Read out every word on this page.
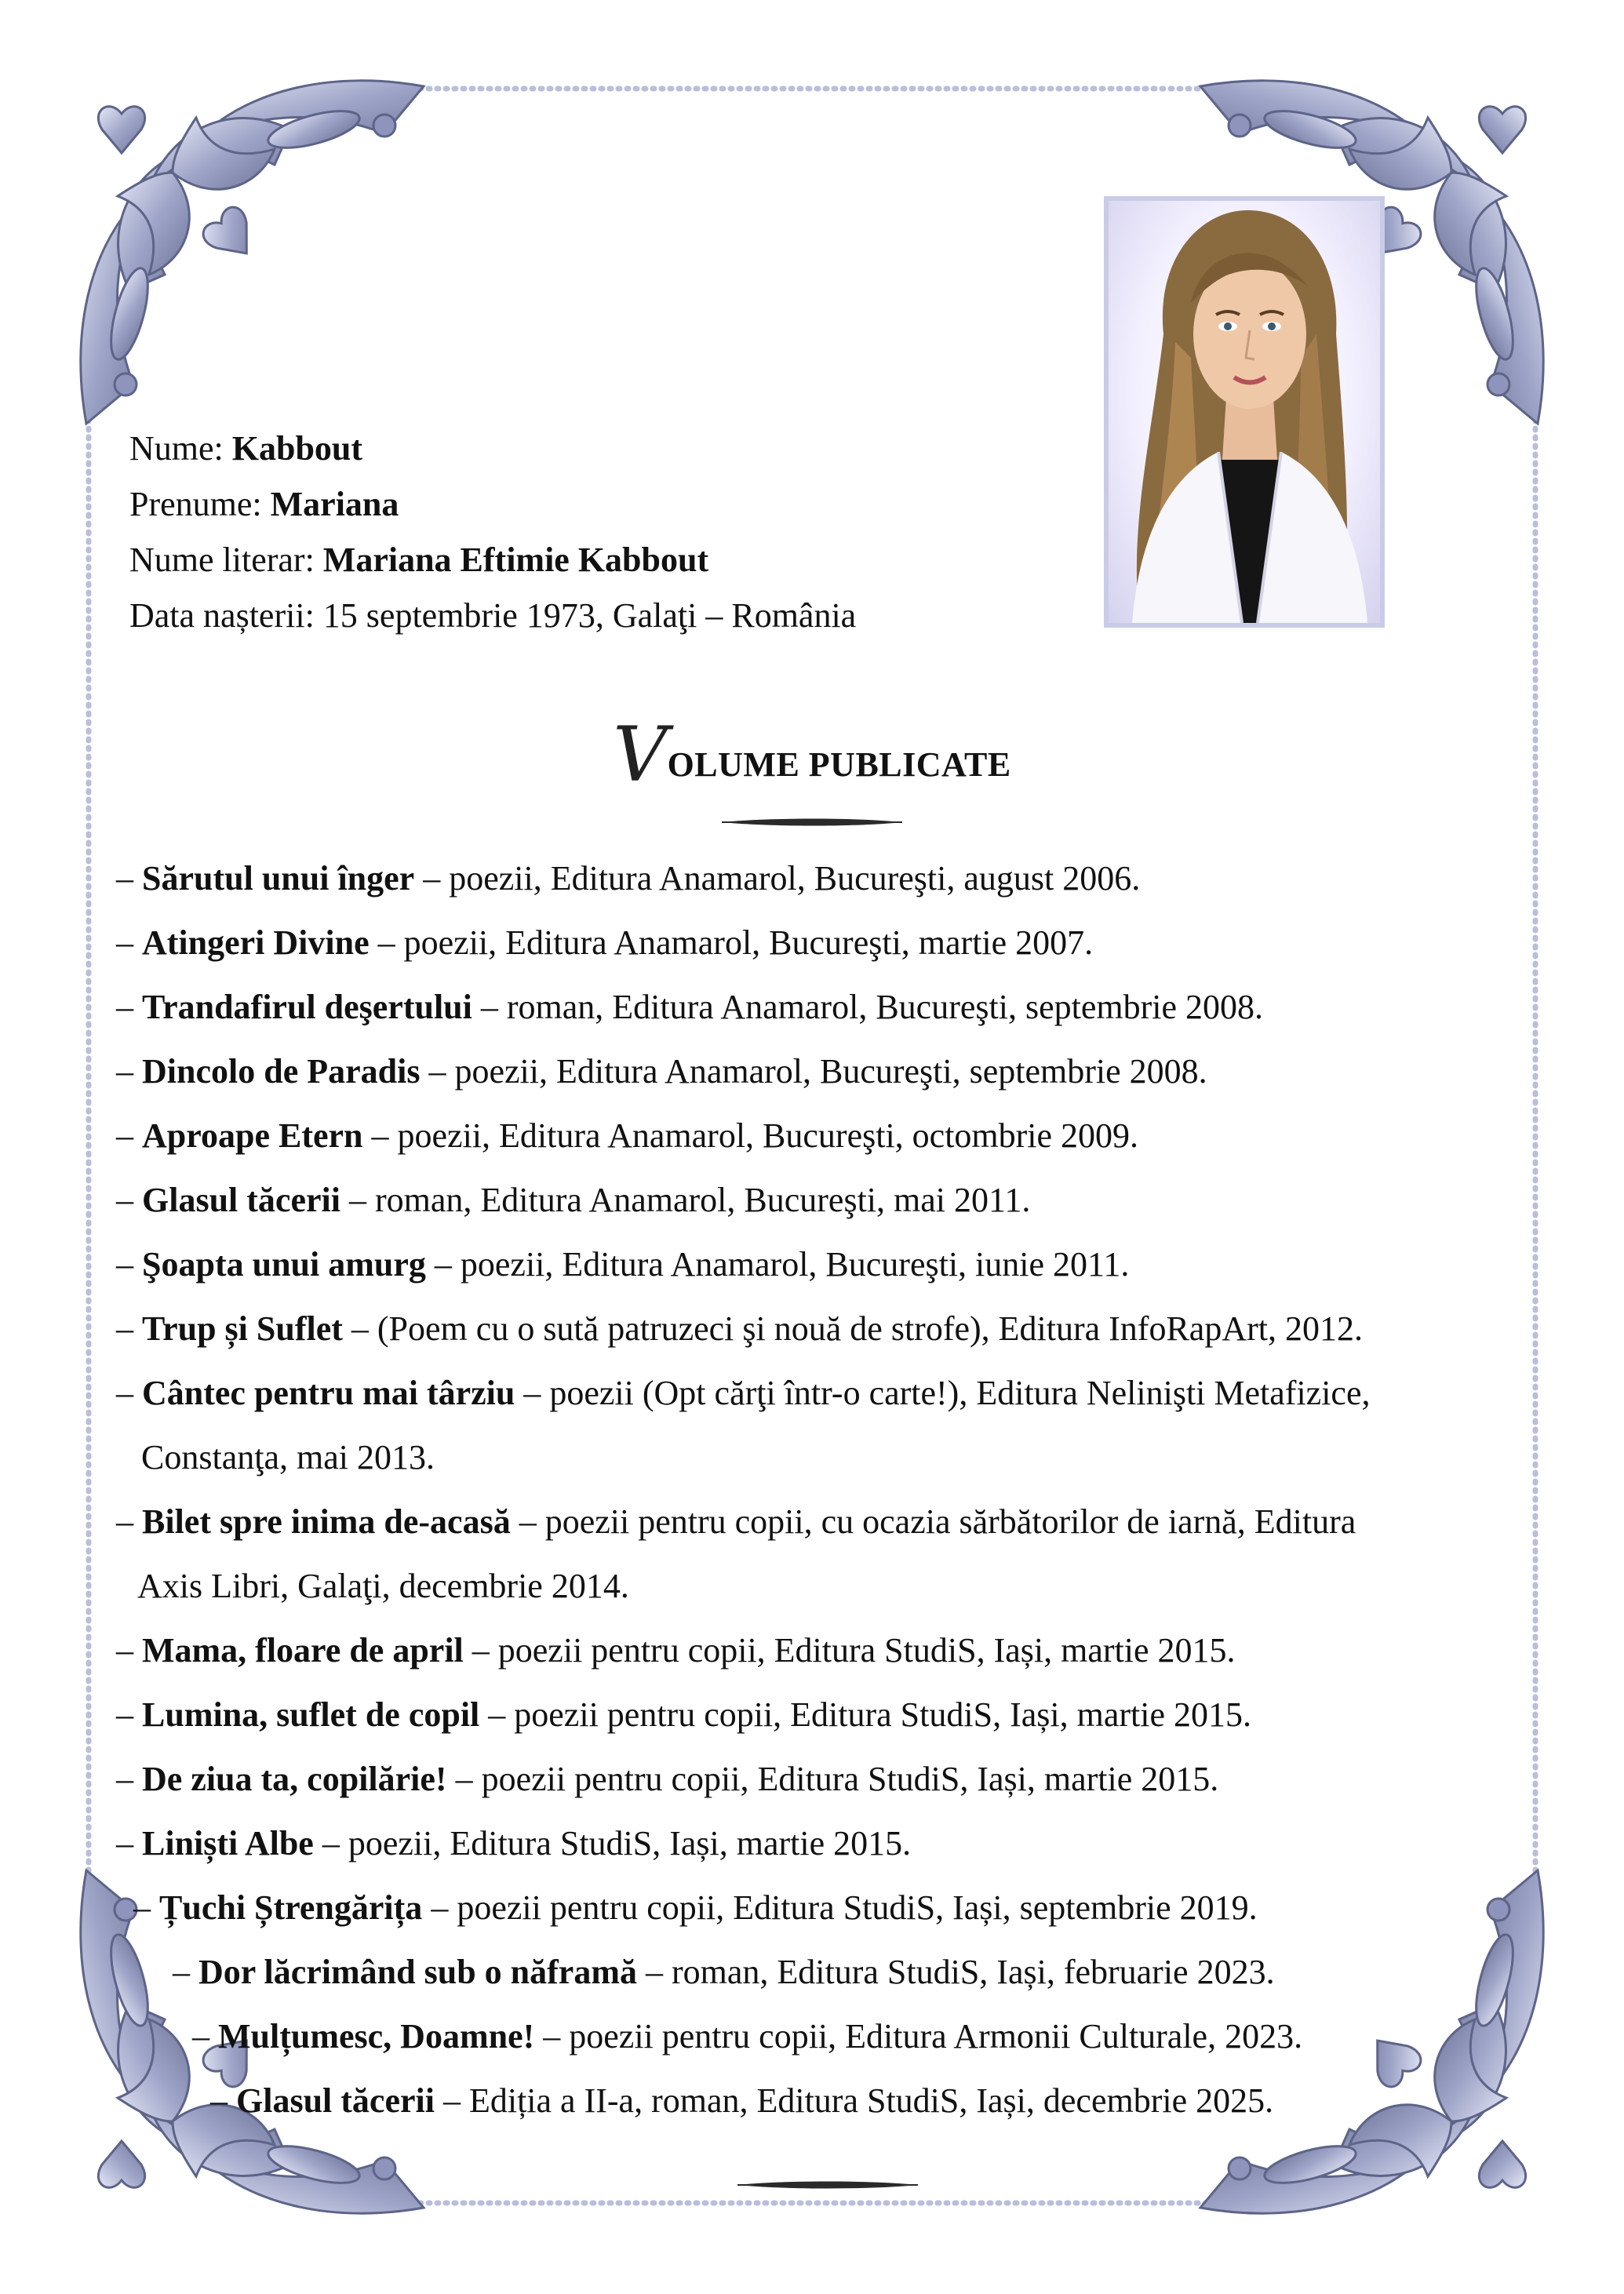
Nume: Kabbout
Prenume: Mariana
Nume literar: Mariana Eftimie Kabbout
Data nașterii: 15 septembrie 1973, Galaţi – România
VOLUME PUBLICATE
– Sărutul unui înger – poezii, Editura Anamarol, Bucureşti, august 2006.
– Atingeri Divine – poezii, Editura Anamarol, Bucureşti, martie 2007.
– Trandafirul deşertului – roman, Editura Anamarol, Bucureşti, septembrie 2008.
– Dincolo de Paradis – poezii, Editura Anamarol, Bucureşti, septembrie 2008.
– Aproape Etern – poezii, Editura Anamarol, Bucureşti, octombrie 2009.
– Glasul tăcerii – roman, Editura Anamarol, Bucureşti, mai 2011.
– Şoapta unui amurg – poezii, Editura Anamarol, Bucureşti, iunie 2011.
– Trup și Suflet – (Poem cu o sută patruzeci şi nouă de strofe), Editura InfoRapArt, 2012.
– Cântec pentru mai târziu – poezii (Opt cărţi într-o carte!), Editura Nelinişti Metafizice,
Constanţa, mai 2013.
– Bilet spre inima de-acasă – poezii pentru copii, cu ocazia sărbătorilor de iarnă, Editura
Axis Libri, Galaţi, decembrie 2014.
– Mama, floare de april – poezii pentru copii, Editura StudiS, Iași, martie 2015.
– Lumina, suflet de copil – poezii pentru copii, Editura StudiS, Iași, martie 2015.
– De ziua ta, copilărie! – poezii pentru copii, Editura StudiS, Iași, martie 2015.
– Liniști Albe – poezii, Editura StudiS, Iași, martie 2015.
– Țuchi Ștrengărița – poezii pentru copii, Editura StudiS, Iași, septembrie 2019.
– Dor lăcrimând sub o năframă – roman, Editura StudiS, Iași, februarie 2023.
– Mulțumesc, Doamne! – poezii pentru copii, Editura Armonii Culturale, 2023.
– Glasul tăcerii – Ediția a II-a, roman, Editura StudiS, Iași, decembrie 2025.
